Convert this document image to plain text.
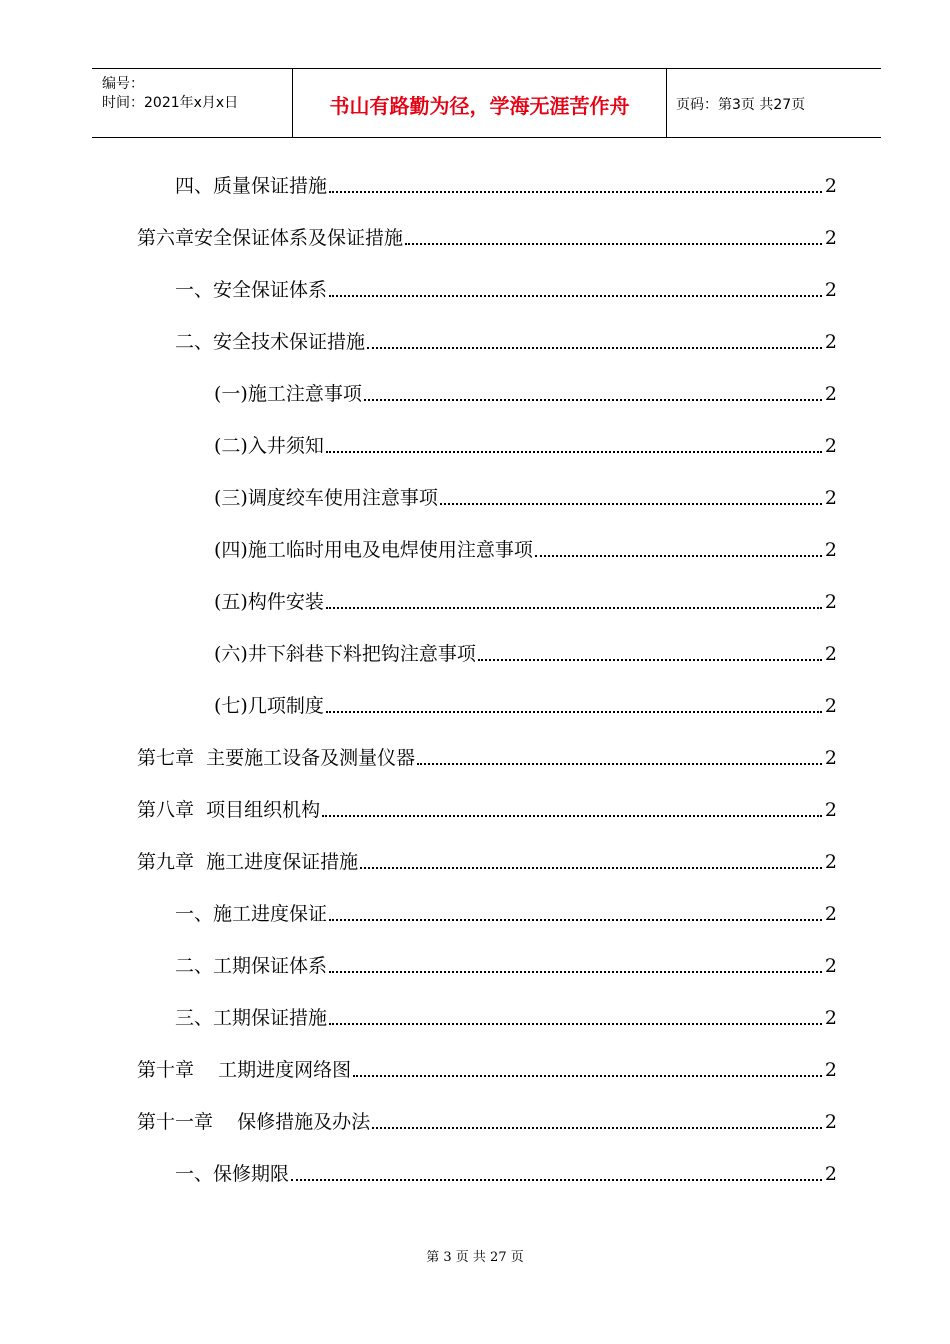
编号：
时间：2021年x月x日	书山有路勤为径，学海无涯苦作舟	页码：第3页 共27页
四、质量保证措施	2
第六章安全保证体系及保证措施	2
一、安全保证体系	2
二、安全技术保证措施	2
(一)施工注意事项	2
(二)入井须知	2
(三)调度绞车使用注意事项	2
(四)施工临时用电及电焊使用注意事项	2
(五)构件安装	2
(六)井下斜巷下料把钩注意事项	2
(七)几项制度	2
第七章  主要施工设备及测量仪器	2
第八章  项目组织机构	2
第九章  施工进度保证措施	2
一、施工进度保证	2
二、工期保证体系	2
三、工期保证措施	2
第十章    工期进度网络图	2
第十一章    保修措施及办法	2
一、保修期限	2
第 3 页 共 27 页
